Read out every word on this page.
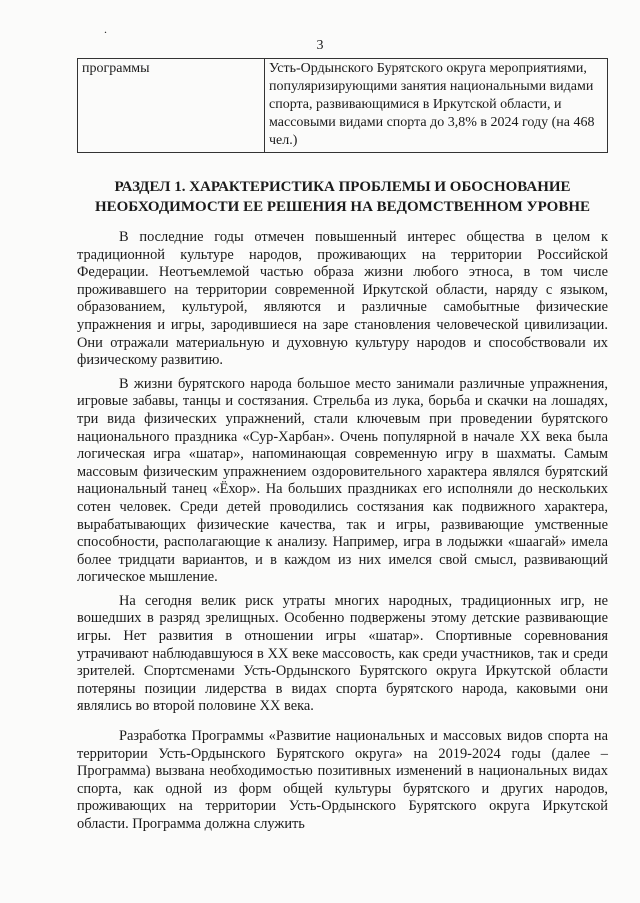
.
3
программы	Усть-Ордынского Бурятского округа мероприятиями, популяризирующими занятия национальными видами спорта, развивающимися в Иркутской области, и массовыми видами спорта до 3,8% в 2024 году (на 468 чел.)
РАЗДЕЛ 1. ХАРАКТЕРИСТИКА ПРОБЛЕМЫ И ОБОСНОВАНИЕ
НЕОБХОДИМОСТИ ЕЕ РЕШЕНИЯ НА ВЕДОМСТВЕННОМ УРОВНЕ

В последние годы отмечен повышенный интерес общества в целом к традиционной культуре народов, проживающих на территории Российской Федерации. Неотъемлемой частью образа жизни любого этноса, в том числе проживавшего на территории современной Иркутской области, наряду с языком, образованием, культурой, являются и различные самобытные физические упражнения и игры, зародившиеся на заре становления человеческой цивилизации. Они отражали материальную и духовную культуру народов и способствовали их физическому развитию.

В жизни бурятского народа большое место занимали различные упражнения, игровые забавы, танцы и состязания. Стрельба из лука, борьба и скачки на лошадях, три вида физических упражнений, стали ключевым при проведении бурятского национального праздника «Сур-Харбан». Очень популярной в начале XX века была логическая игра «шатар», напоминающая современную игру в шахматы. Самым массовым физическим упражнением оздоровительного характера являлся бурятский национальный танец «Ёхор». На больших праздниках его исполняли до нескольких сотен человек. Среди детей проводились состязания как подвижного характера, вырабатывающих физические качества, так и игры, развивающие умственные способности, располагающие к анализу. Например, игра в лодыжки «шаагай» имела более тридцати вариантов, и в каждом из них имелся свой смысл, развивающий логическое мышление.

На сегодня велик риск утраты многих народных, традиционных игр, не вошедших в разряд зрелищных. Особенно подвержены этому детские развивающие игры. Нет развития в отношении игры «шатар». Спортивные соревнования утрачивают наблюдавшуюся в XX веке массовость, как среди участников, так и среди зрителей. Спортсменами Усть-Ордынского Бурятского округа Иркутской области потеряны позиции лидерства в видах спорта бурятского народа, каковыми они являлись во второй половине XX века.

Разработка Программы «Развитие национальных и массовых видов спорта на территории Усть-Ордынского Бурятского округа» на 2019-2024 годы (далее – Программа) вызвана необходимостью позитивных изменений в национальных видах спорта, как одной из форм общей культуры бурятского и других народов, проживающих на территории Усть-Ордынского Бурятского округа Иркутской области. Программа должна служить
